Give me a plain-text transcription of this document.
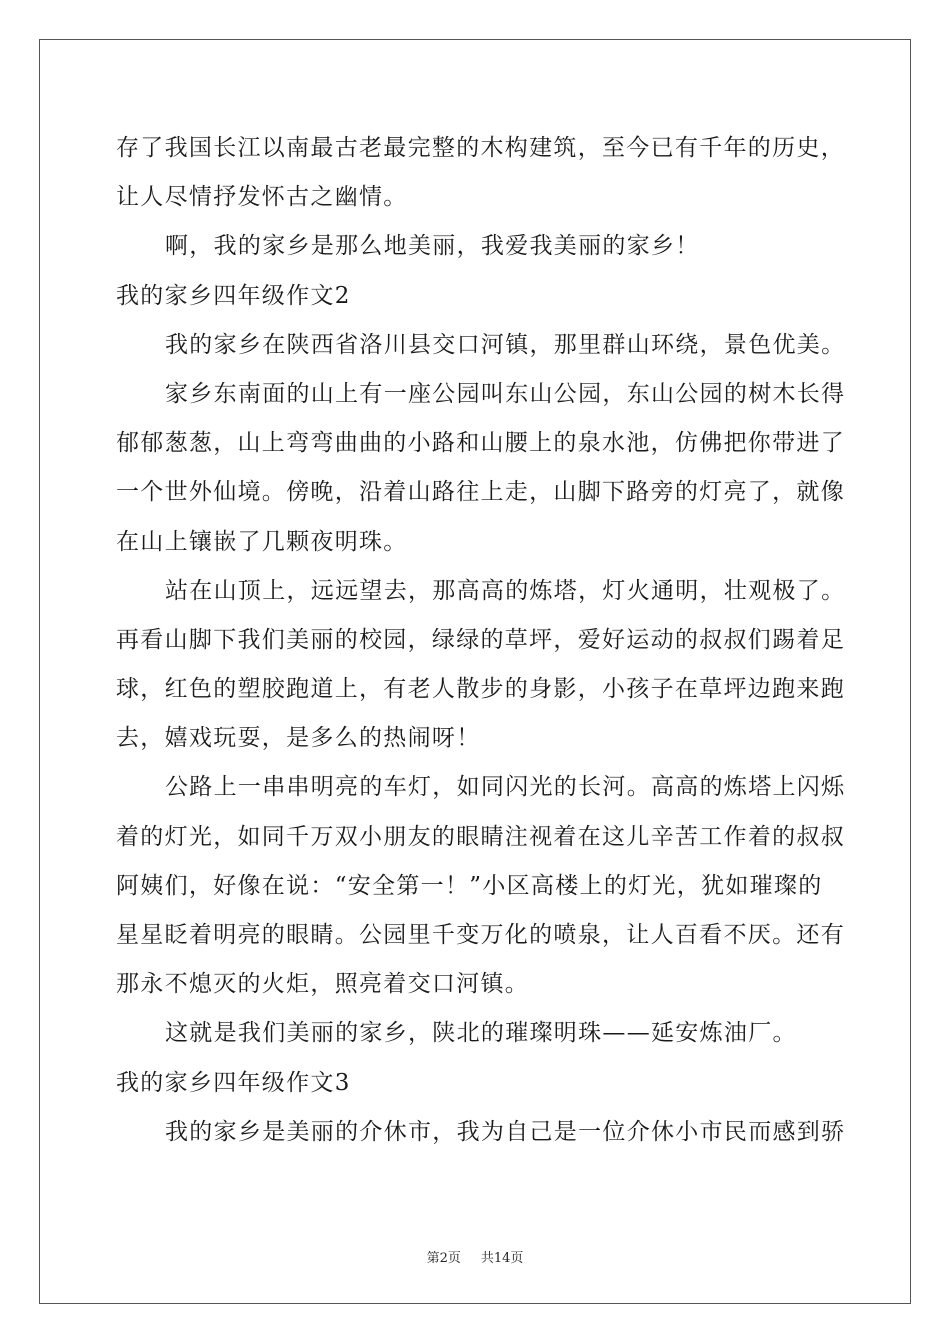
存了我国长江以南最古老最完整的木构建筑，至今已有千年的历史，
让人尽情抒发怀古之幽情。
啊，我的家乡是那么地美丽，我爱我美丽的家乡！
我的家乡四年级作文2
我的家乡在陕西省洛川县交口河镇，那里群山环绕，景色优美。
家乡东南面的山上有一座公园叫东山公园，东山公园的树木长得
郁郁葱葱，山上弯弯曲曲的小路和山腰上的泉水池，仿佛把你带进了
一个世外仙境。傍晚，沿着山路往上走，山脚下路旁的灯亮了，就像
在山上镶嵌了几颗夜明珠。
站在山顶上，远远望去，那高高的炼塔，灯火通明，壮观极了。
再看山脚下我们美丽的校园，绿绿的草坪，爱好运动的叔叔们踢着足
球，红色的塑胶跑道上，有老人散步的身影，小孩子在草坪边跑来跑
去，嬉戏玩耍，是多么的热闹呀！
公路上一串串明亮的车灯，如同闪光的长河。高高的炼塔上闪烁
着的灯光，如同千万双小朋友的眼睛注视着在这儿辛苦工作着的叔叔
阿姨们，好像在说：“安全第一！”小区高楼上的灯光，犹如璀璨的
星星眨着明亮的眼睛。公园里千变万化的喷泉，让人百看不厌。还有
那永不熄灭的火炬，照亮着交口河镇。
这就是我们美丽的家乡，陕北的璀璨明珠——延安炼油厂。
我的家乡四年级作文3
我的家乡是美丽的介休市，我为自己是一位介休小市民而感到骄
第2页 共14页
